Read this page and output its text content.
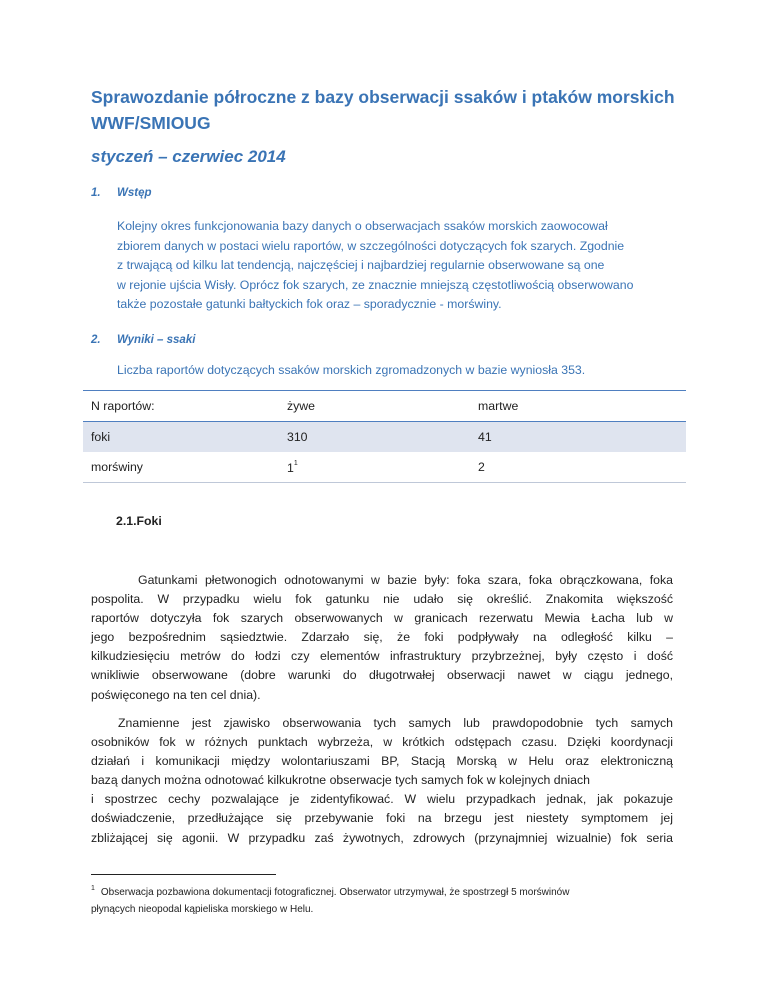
Sprawozdanie półroczne z bazy obserwacji ssaków i ptaków morskich
WWF/SMIOUG
styczeń – czerwiec 2014
1. Wstęp
Kolejny okres funkcjonowania bazy danych o obserwacjach ssaków morskich zaowocował
zbiorem danych w postaci wielu raportów, w szczególności dotyczących fok szarych. Zgodnie
z trwającą od kilku lat tendencją, najczęściej i najbardziej regularnie obserwowane są one
w rejonie ujścia Wisły. Oprócz fok szarych, ze znacznie mniejszą częstotliwością obserwowano
także pozostałe gatunki bałtyckich fok oraz – sporadycznie - morświny.
2. Wyniki – ssaki
Liczba raportów dotyczących ssaków morskich zgromadzonych w bazie wyniosła 353.
N raportów:	żywe	martwe
foki	310	41
morświny	1$^1$	2
2.1.Foki
Gatunkami płetwonogich odnotowanymi w bazie były: foka szara, foka obrączkowana, foka
pospolita. W przypadku wielu fok gatunku nie udało się określić. Znakomita większość
raportów dotyczyła fok szarych obserwowanych w granicach rezerwatu Mewia Łacha lub w
jego bezpośrednim sąsiedztwie. Zdarzało się, że foki podpływały na odległość kilku –
kilkudziesięciu metrów do łodzi czy elementów infrastruktury przybrzeżnej, były często i dość
wnikliwie obserwowane (dobre warunki do długotrwałej obserwacji nawet w ciągu jednego,
poświęconego na ten cel dnia).
Znamienne jest zjawisko obserwowania tych samych lub prawdopodobnie tych samych
osobników fok w różnych punktach wybrzeża, w krótkich odstępach czasu. Dzięki koordynacji
działań i komunikacji między wolontariuszami BP, Stacją Morską w Helu oraz elektroniczną
bazą danych można odnotować kilkukrotne obserwacje tych samych fok w kolejnych dniach
i spostrzec cechy pozwalające je zidentyfikować. W wielu przypadkach jednak, jak pokazuje
doświadczenie, przedłużające się przebywanie foki na brzegu jest niestety symptomem jej
zbliżającej się agonii. W przypadku zaś żywotnych, zdrowych (przynajmniej wizualnie) fok seria
$^1$ Obserwacja pozbawiona dokumentacji fotograficznej. Obserwator utrzymywał, że spostrzegł 5 morświnów
płynących nieopodal kąpieliska morskiego w Helu.
